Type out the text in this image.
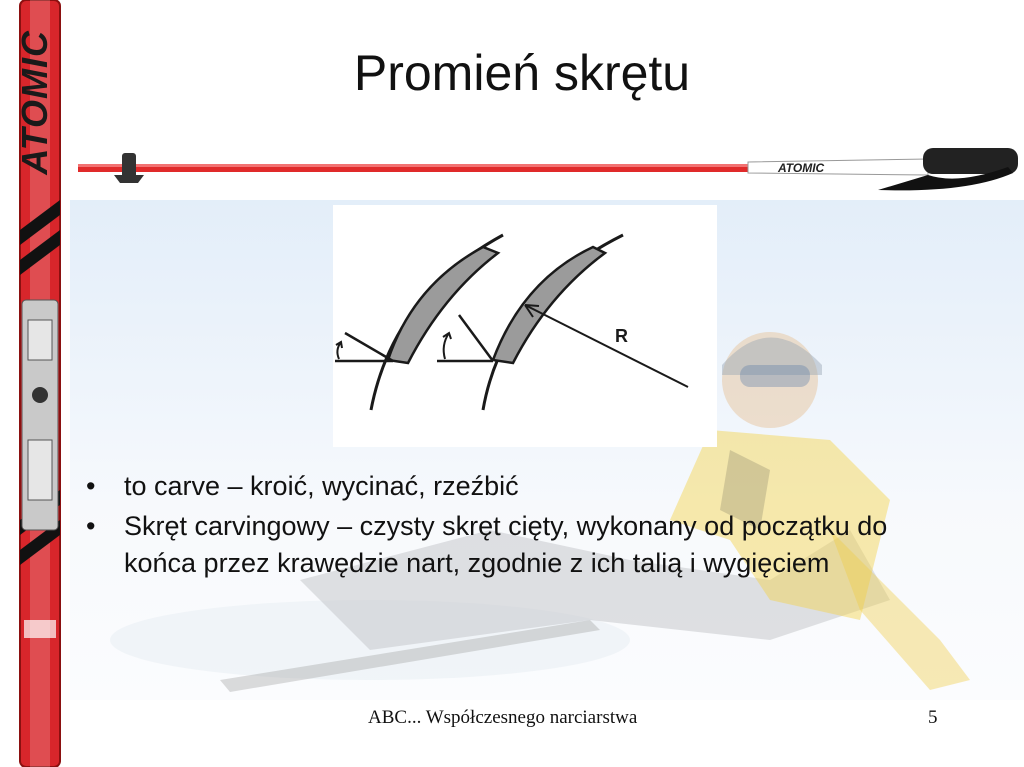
ATOMIC	ATOMIC
Promień skrętu
R
• to carve – kroić, wycinać, rzeźbić
• Skręt carvingowy – czysty skręt cięty, wykonany od początku do końca przez krawędzie nart, zgodnie z ich talią i wygięciem
ABC... Współczesnego narciarstwa	5
